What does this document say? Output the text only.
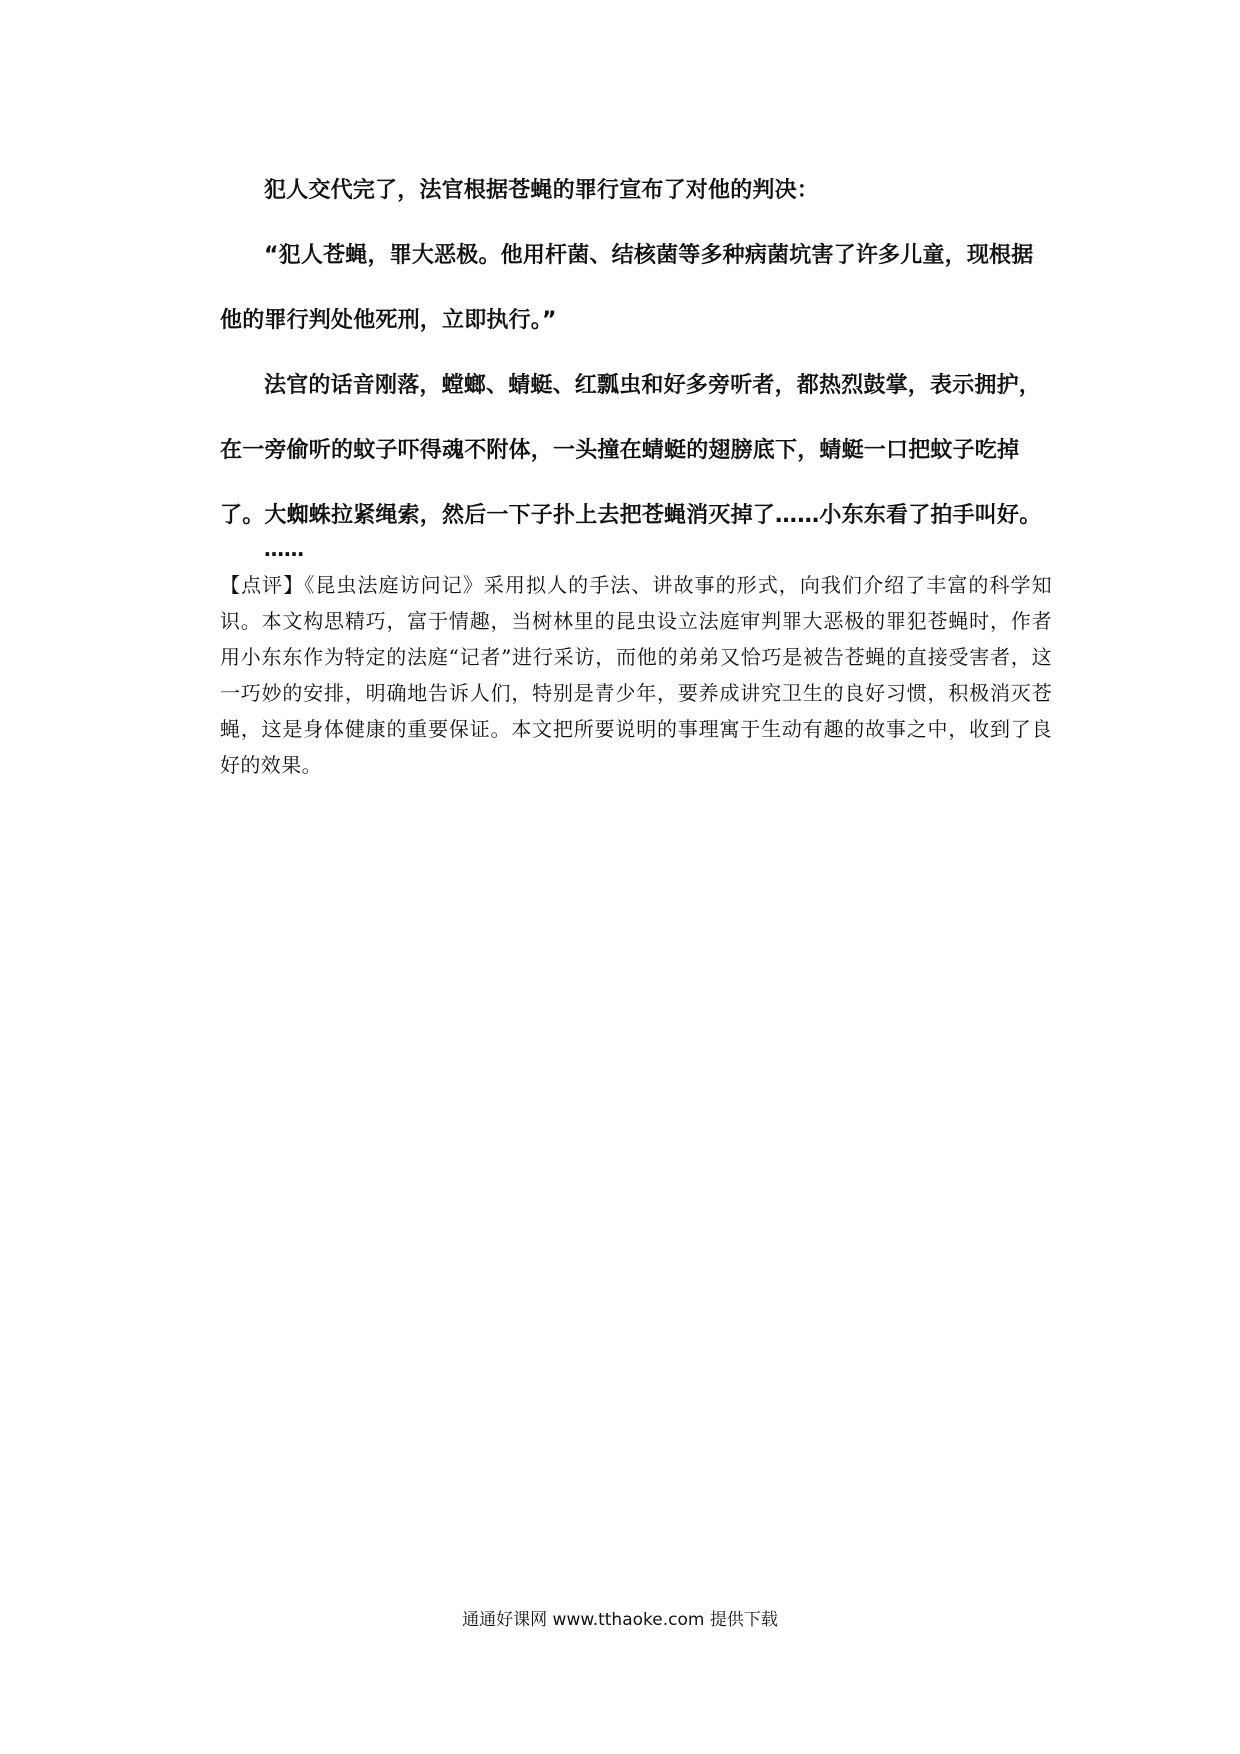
犯人交代完了，法官根据苍蝇的罪行宣布了对他的判决：

“犯人苍蝇，罪大恶极。他用杆菌、结核菌等多种病菌坑害了许多儿童，现根据他的罪行判处他死刑，立即执行。”

法官的话音刚落，螳螂、蜻蜓、红瓢虫和好多旁听者，都热烈鼓掌，表示拥护，在一旁偷听的蚊子吓得魂不附体，一头撞在蜻蜓的翅膀底下，蜻蜓一口把蚊子吃掉了。大蜘蛛拉紧绳索，然后一下子扑上去把苍蝇消灭掉了……小东东看了拍手叫好。

……

【点评】《昆虫法庭访问记》采用拟人的手法、讲故事的形式，向我们介绍了丰富的科学知识。本文构思精巧，富于情趣，当树林里的昆虫设立法庭审判罪大恶极的罪犯苍蝇时，作者用小东东作为特定的法庭“记者”进行采访，而他的弟弟又恰巧是被告苍蝇的直接受害者，这一巧妙的安排，明确地告诉人们，特别是青少年，要养成讲究卫生的良好习惯，积极消灭苍蝇，这是身体健康的重要保证。本文把所要说明的事理寓于生动有趣的故事之中，收到了良好的效果。

通通好课网 www.tthaoke.com 提供下载
